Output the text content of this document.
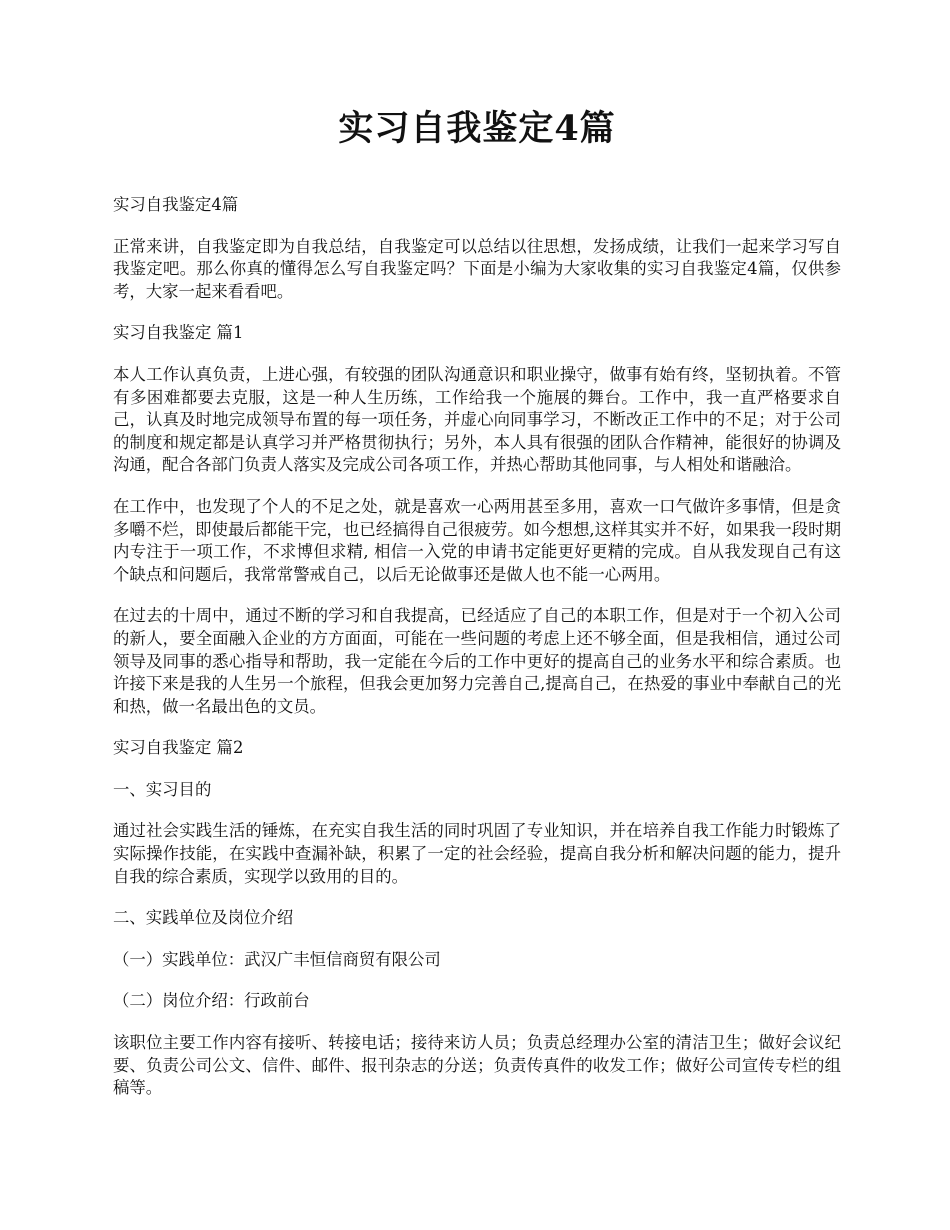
实习自我鉴定4篇

实习自我鉴定4篇

正常来讲，自我鉴定即为自我总结，自我鉴定可以总结以往思想，发扬成绩，让我们一起来学习写自我鉴定吧。那么你真的懂得怎么写自我鉴定吗？下面是小编为大家收集的实习自我鉴定4篇，仅供参考，大家一起来看看吧。

实习自我鉴定 篇1

本人工作认真负责，上进心强，有较强的团队沟通意识和职业操守，做事有始有终，坚韧执着。不管有多困难都要去克服，这是一种人生历练，工作给我一个施展的舞台。工作中，我一直严格要求自己，认真及时地完成领导布置的每一项任务，并虚心向同事学习，不断改正工作中的不足；对于公司的制度和规定都是认真学习并严格贯彻执行；另外，本人具有很强的团队合作精神，能很好的协调及沟通，配合各部门负责人落实及完成公司各项工作，并热心帮助其他同事，与人相处和谐融洽。

在工作中，也发现了个人的不足之处，就是喜欢一心两用甚至多用，喜欢一口气做许多事情，但是贪多嚼不烂，即使最后都能干完，也已经搞得自己很疲劳。如今想想,这样其实并不好，如果我一段时期内专注于一项工作，不求博但求精, 相信一入党的申请书定能更好更精的完成。自从我发现自己有这个缺点和问题后，我常常警戒自己，以后无论做事还是做人也不能一心两用。

在过去的十周中，通过不断的学习和自我提高，已经适应了自己的本职工作，但是对于一个初入公司的新人，要全面融入企业的方方面面，可能在一些问题的考虑上还不够全面，但是我相信，通过公司领导及同事的悉心指导和帮助，我一定能在今后的工作中更好的提高自己的业务水平和综合素质。也许接下来是我的人生另一个旅程，但我会更加努力完善自己,提高自己，在热爱的事业中奉献自己的光和热，做一名最出色的文员。

实习自我鉴定 篇2

一、实习目的

通过社会实践生活的锤炼，在充实自我生活的同时巩固了专业知识，并在培养自我工作能力时锻炼了实际操作技能，在实践中查漏补缺，积累了一定的社会经验，提高自我分析和解决问题的能力，提升自我的综合素质，实现学以致用的目的。

二、实践单位及岗位介绍

（一）实践单位：武汉广丰恒信商贸有限公司

（二）岗位介绍：行政前台

该职位主要工作内容有接听、转接电话；接待来访人员；负责总经理办公室的清洁卫生；做好会议纪要、负责公司公文、信件、邮件、报刊杂志的分送；负责传真件的收发工作；做好公司宣传专栏的组稿等。
